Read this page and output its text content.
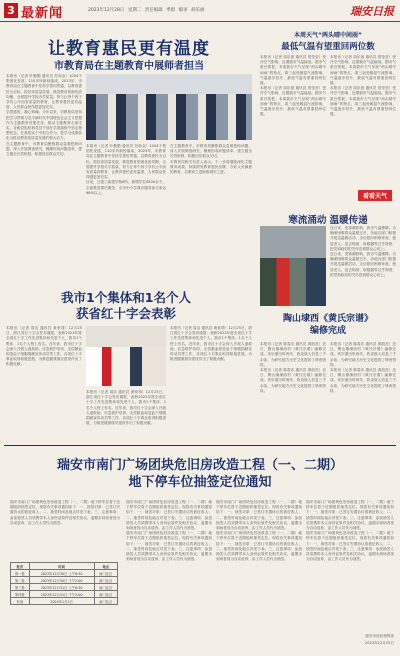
3 最新闻	2023年12月28日 星期二 责任编辑 季群 编审 胡乐丽	瑞安日报
让教育惠民更有温度
市教育局在主题教育中展师者担当

本报讯（记者 叶勤勤 通讯员 苏尚金）1004个集团化发展，110多所新校落成，2023年，市教育局在主题教育中坚持学思用贯通，以教育惠民为目标，抓好高质量发展，推进教育资源优质均衡，全面提升学校办学质量，努力让每个孩子享有公平而有质量的教育，让教育惠民更有温度，人民群众获得感更加充实。

学思践悟，凝心铸魂。今年以来，市教育局坚持把学习贯彻习近平新时代中国特色社会主义思想作为主题教育首要任务，推动主题教育走深走实，各级党组织和党员干部在学思践悟中坚定理想信念，在真抓实干中担当作为，把学习成果转化为推动教育高质量发展的强大动力。

在主题教育中，市教育局聚焦群众急难愁盼问题，深入开展调查研究，梳理形成问题清单，建立健全长效机制，积极回应群众关切。

本报讯（记者 叶勤勤 通讯员 苏尚金）1004个集团化发展，110多所新校落成，2023年，市教育局在主题教育中坚持学思用贯通，以教育惠民为目标，抓好高质量发展，推进教育资源优质均衡，全面提升学校办学质量，努力让每个孩子享有公平而有质量的教育，让教育惠民更有温度，人民群众获得感更加充实。

目前，已竣工新建学校6所，新增学位4500余个，全面推进课后服务，全市中小学课后服务参与率达98%以上。

在主题教育中，市教育局聚焦群众急难愁盼问题，深入开展调查研究，梳理形成问题清单，建立健全长效机制，积极回应群众关切。

市教育局相关负责人表示，下一步将继续深化主题教育成果，持续擦亮教育惠民品牌，办好人民满意的教育，以教育之进助推城市之进。

本周天气“两头晴中间雨”
最低气温有望重回两位数

本报讯（记者 周乐意 通讯员 曾莹莹）受冷空气影响，近期我市气温偏低。据市气象台预报，本周我市天气呈现“两头晴中间雨”的特点，周三起受暖湿气流影响，气温逐步回升，最低气温有望重回两位数。

本报讯（记者 周乐意 通讯员 曾莹莹）受冷空气影响，近期我市气温偏低。据市气象台预报，本周我市天气呈现“两头晴中间雨”的特点，周三起受暖湿气流影响，气温逐步回升，最低气温有望重回两位数。

本报讯（记者 周乐意 通讯员 曾莹莹）受冷空气影响，近期我市气温偏低。据市气象台预报，本周我市天气呈现“两头晴中间雨”的特点，周三起受暖湿气流影响，气温逐步回升，最低气温有望重回两位数。

本报讯（记者 周乐意 通讯员 曾莹莹）受冷空气影响，近期我市气温偏低。据市气象台预报，本周我市天气呈现“两头晴中间雨”的特点，周三起受暖湿气流影响，气温逐步回升，最低气温有望重回两位数。

看看天气
寒流涌动 温暖传递

连日来，受寒潮影响，我市气温骤降。为确保困难群众温暖过冬，各地各部门积极开展送温暖活动，走访慰问困难家庭、独居老人，送去棉被、取暖器等过冬物资，把党和政府的关怀送到群众心坎上。

连日来，受寒潮影响，我市气温骤降。为确保困难群众温暖过冬，各地各部门积极开展送温暖活动，走访慰问困难家庭、独居老人，送去棉被、取暖器等过冬物资，把党和政府的关怀送到群众心坎上。

陶山埭西《黄氏宗谱》
编修完成

本报讯（记者 陈春乐 通讯员 黄凯亮）近日，陶山镇埭西村《黄氏宗谱》编修完成。该宗谱历时两年，收录族人信息三千余条，为研究地方历史文化提供了珍贵资料。

本报讯（记者 陈春乐 通讯员 黄凯亮）近日，陶山镇埭西村《黄氏宗谱》编修完成。该宗谱历时两年，收录族人信息三千余条，为研究地方历史文化提供了珍贵资料。

本报讯（记者 陈春乐 通讯员 黄凯亮）近日，陶山镇埭西村《黄氏宗谱》编修完成。该宗谱历时两年，收录族人信息三千余条，为研究地方历史文化提供了珍贵资料。

本报讯（记者 陈春乐 通讯员 黄凯亮）近日，陶山镇埭西村《黄氏宗谱》编修完成。该宗谱历时两年，收录族人信息三千余条，为研究地方历史文化提供了珍贵资料。

我市1个集体和1名个人
获省红十字会表彰

本报讯（记者 周洁 通讯员 黄家靖）12月25日，浙江省红十字会发布通报，表彰2023年度全省红十字工作先进集体和先进个人，我市1个集体、1名个人榜上有名。近年来，我市红十字会深入开展人道救助、应急救护培训、无偿献血和造血干细胞捐献宣传动员等工作，各项红十字事业取得积极进展，为推进健康瑞安建设作出了积极贡献。

本报讯（记者 周洁 通讯员 黄家靖）12月25日，浙江省红十字会发布通报，表彰2023年度全省红十字工作先进集体和先进个人，我市1个集体、1名个人榜上有名。近年来，我市红十字会深入开展人道救助、应急救护培训、无偿献血和造血干细胞捐献宣传动员等工作，各项红十字事业取得积极进展，为推进健康瑞安建设作出了积极贡献。

本报讯（记者 周洁 通讯员 黄家靖）12月25日，浙江省红十字会发布通报，表彰2023年度全省红十字工作先进集体和先进个人，我市1个集体、1名个人榜上有名。近年来，我市红十字会深入开展人道救助、应急救护培训、无偿献血和造血干细胞捐献宣传动员等工作，各项红十字事业取得积极进展，为推进健康瑞安建设作出了积极贡献。

瑞安市南门广场团块危旧房改造工程（一、二期）
地下停车位抽签定位通知

瑞安市南门广场团块危旧房改造工程（一、二期）地下停车位将于近期组织抽签定位。现将有关事项通知如下：一、抽签对象：已签订安置协议的被征收人；二、抽签时间及地点详见下表；三、注意事项：参加抽签人员须携带本人身份证原件及相关协议，逾期未到场者视为自动放弃，由工作人员代为抽签。

批次	时间	地点
第一批	2023年12月30日 上午8:30	南门社区
第二批	2023年12月30日 下午2:00	南门社区
第三批	2023年12月31日 上午8:30	南门社区
第四批	2023年12月31日 下午2:00	南门社区
补抽	2024年1月2日	南门社区

瑞安市南门广场团块危旧房改造工程（一、二期）地下停车位将于近期组织抽签定位。现将有关事项通知如下：一、抽签对象：已签订安置协议的被征收人；二、抽签时间及地点详见下表；三、注意事项：参加抽签人员须携带本人身份证原件及相关协议，逾期未到场者视为自动放弃，由工作人员代为抽签。

瑞安市南门广场团块危旧房改造工程（一、二期）地下停车位将于近期组织抽签定位。现将有关事项通知如下：一、抽签对象：已签订安置协议的被征收人；二、抽签时间及地点详见下表；三、注意事项：参加抽签人员须携带本人身份证原件及相关协议，逾期未到场者视为自动放弃，由工作人员代为抽签。

瑞安市南门广场团块危旧房改造工程（一、二期）地下停车位将于近期组织抽签定位。现将有关事项通知如下：一、抽签对象：已签订安置协议的被征收人；二、抽签时间及地点详见下表；三、注意事项：参加抽签人员须携带本人身份证原件及相关协议，逾期未到场者视为自动放弃，由工作人员代为抽签。

瑞安市南门广场团块危旧房改造工程（一、二期）地下停车位将于近期组织抽签定位。现将有关事项通知如下：一、抽签对象：已签订安置协议的被征收人；二、抽签时间及地点详见下表；三、注意事项：参加抽签人员须携带本人身份证原件及相关协议，逾期未到场者视为自动放弃，由工作人员代为抽签。

瑞安市南门广场团块危旧房改造工程（一、二期）地下停车位将于近期组织抽签定位。现将有关事项通知如下：一、抽签对象：已签订安置协议的被征收人；二、抽签时间及地点详见下表；三、注意事项：参加抽签人员须携带本人身份证原件及相关协议，逾期未到场者视为自动放弃，由工作人员代为抽签。

瑞安市南门广场团块危旧房改造工程（一、二期）地下停车位将于近期组织抽签定位。现将有关事项通知如下：一、抽签对象：已签订安置协议的被征收人；二、抽签时间及地点详见下表；三、注意事项：参加抽签人员须携带本人身份证原件及相关协议，逾期未到场者视为自动放弃，由工作人员代为抽签。

瑞安市征收指挥部
2023年12月25日
